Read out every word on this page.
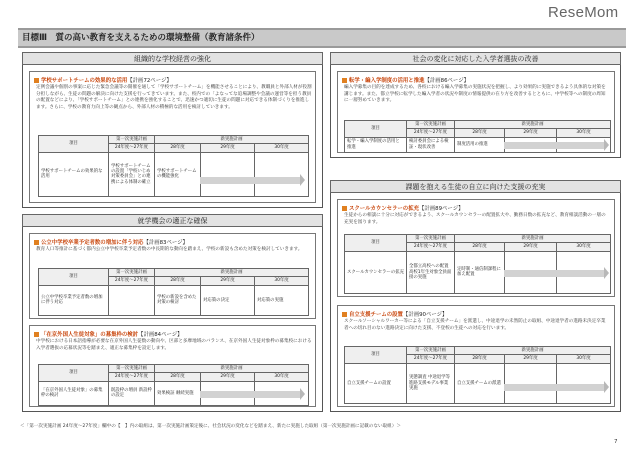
ReseMom
目標Ⅲ　質の高い教育を支えるための環境整備（教育諸条件）
組織的な学校経営の強化
学校サポートチームの効果的な活用【計画72ページ】
定例会議や個別の事案に応じた緊急会議等の開催を通して「学校サポートチーム」を機能させることにより、教職員と外部人材が役割分担しながら、生徒の問題の解決に向けた支援を行ってきています。また、校内での「よなってな追場調整や会議の運営等を担う教員の配置などにより、「学校サポートチーム」との連携を強化することで、迅速かつ適切に生徒の問題に対応できる体制づくりを推進します。さらに、学校の教育力向上等の観点から、外部人材の積極的な活用を検討していきます。
項目	第一次実施計画	新実施計画		
	24年度〜27年度	28年度	29年度	30年度
学校サポートチームの効果的な活用	学校サポートチームの設置「学校いじめ対策委員会」との連携による体制の確立	学校サポートチームの機能強化		
就学機会の適正な確保
公立中学校卒業予定者数の増加に伴う対応【計画83ページ】
教育人口等推計に基づく都内公立中学校卒業予定者数の中長期的な動向を踏まえ、学校の新設も含めた対策を検討していきます。
項目	第一次実施計画	新実施計画		
	24年度〜27年度	28年度	29年度	30年度
公立中学校卒業予定者数の増加に伴う対応		学校の新設を含めた対策の検討	対応策の決定	対応策の実施
「在京外国人生徒対象」の募集枠の検討【計画84ページ】
中学校における日本語指導が必要な在京外国人生徒数の動向や、区部と多摩地域のバランス、在京外国人生徒対象枠の募集校における入学者選抜の応募状況等を踏まえ、適正な募集枠を設定します。
項目	第一次実施計画	新実施計画		
	24年度〜27年度	28年度	29年度	30年度
「在京外国人生徒対象」の募集枠の検討	既設枠の増員 新設枠の設定	効果検証 継続実施		
社会の変化に対応した入学者選抜の改善
転学・編入学制度の活用と推進【計画86ページ】
編入学募集の目的を達成するため、各校における編入学募集の実施状況を把握し、より効果的に実施できるよう具体的な対策を講じます。また、都立学校に転学した編入学者の状況や制度の情報提供の在り方を改善するとともに、中学校等への制度の周知に一層努めていきます。
項目	第一次実施計画	新実施計画		
	24年度〜27年度	28年度	29年度	30年度
転学・編入学制度の活用と推進	検討委員会による検証・現状改善	制度活用の推進		
課題を抱える生徒の自立に向けた支援の充実
スクールカウンセラーの拡充【計画89ページ】
生徒からの相談に十分に対応ができるよう、スクールカウンセラーの配置拡大や、勤務日数の拡充など、教育相談活動の一層の充実を図ります。
項目	第一次実施計画	新実施計画		
	24年度〜27年度	28年度	29年度	30年度
スクールカウンセラーの拡充	全都立高校への配置 高校1年生対象全員面接の実施	定時制・通信制課程に加え配置		
自立支援チームの設置【計画90ページ】
スクールソーシャルワーカー等による「自立支援チーム」を派遣し、中途退学の未然防止の取組、中途退学者の進路未決定卒業者への切れ目のない進路決定に向けた支援、不登校の生徒への対応を行います。
項目	第一次実施計画	新実施計画		
	24年度〜27年度	28年度	29年度	30年度
自立支援チームの設置	実態調査 中途退学等進路支援モデル事業実施	自立支援チームの派遣		
＜「第一次実施計画 24年度〜27年度」欄中の【　】内の取組は、第一次実施計画策定後に、社会状況の変化などを踏まえ、新たに実施した取組（第一次実施計画に記載のない取組）＞
7
